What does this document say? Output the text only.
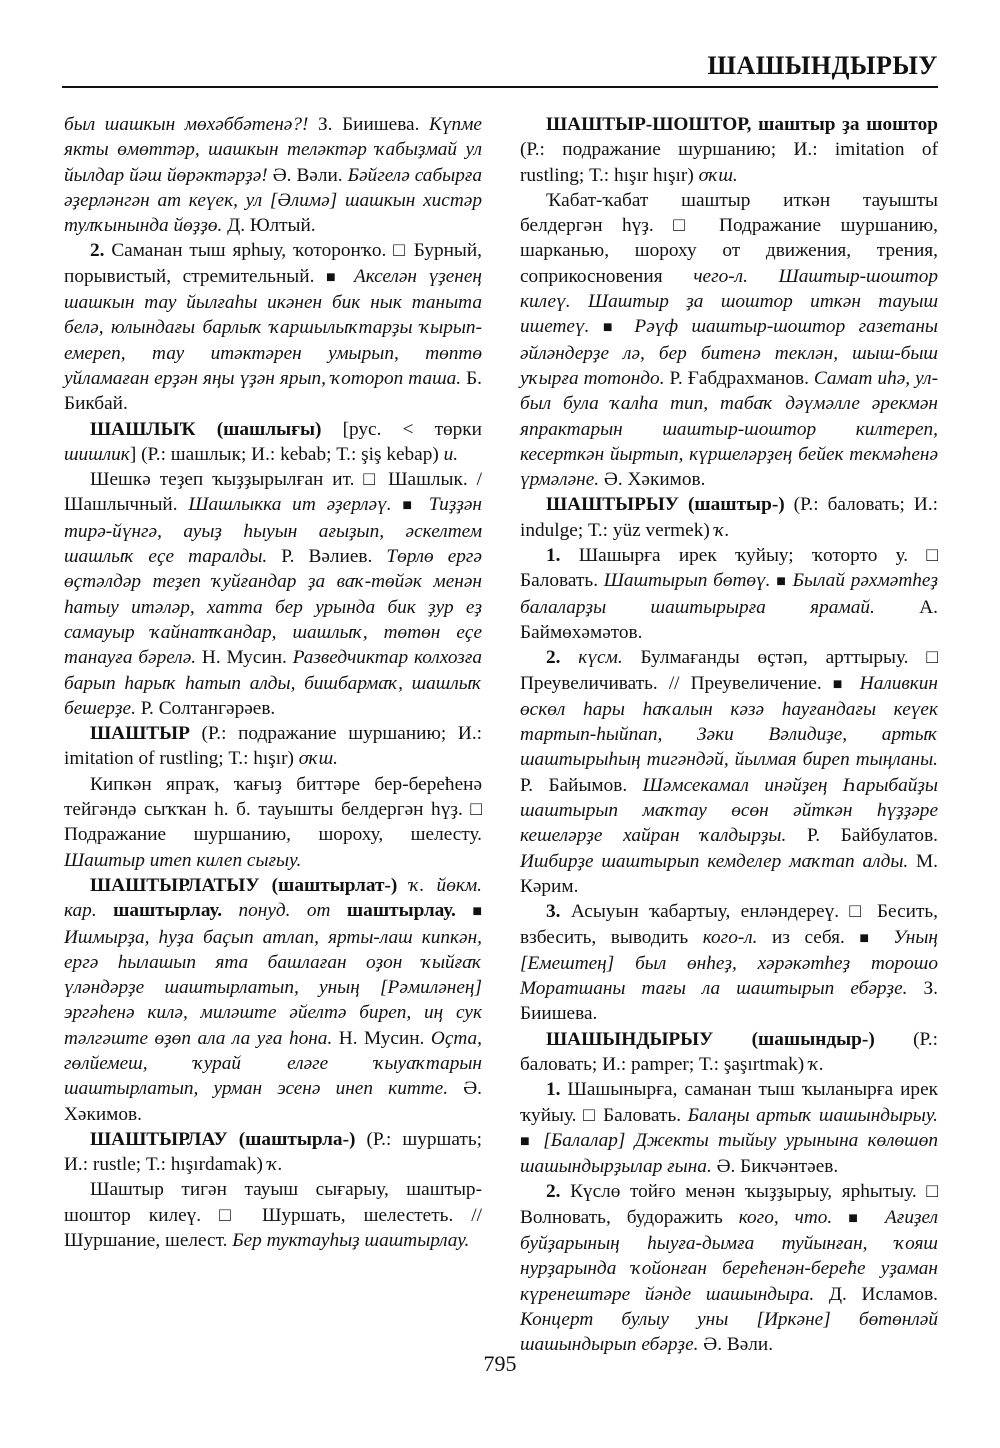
ШАШЫНДЫРЫУ

был шашкын мөхәббәтенә?! З. Биишева. Күпме якты өмөттәр, шашкын теләктәр ҡабыҙмай ул йылдар йәш йөрәктәрҙә! Ә. Вәли. Бәйгелә сабырға әҙерләнгән ат кеүек, ул [Әлимә] шашкын хистәр тулҡынында йөҙҙө. Д. Юлтый.

2. Саманан тыш ярһыу, ҡоторонҡо. □ Бурный, порывистый, стремительный. ■ Акселән үҙенең шашкын тау йылғаһы икәнен бик нык таныта белә, юлындағы барлыҡ ҡаршылыҡтарҙы ҡырып-емереп, тау итәктәрен умырып, төптө уйламаған ерҙән яңы үҙән ярып, ҡотороп таша. Б. Бикбай.

ШАШЛЫҠ (шашлығы) [рус. < төрки шишлик] (Р.: шашлык; И.: kebab; Т.: şiş kebap) и.

Шешкә теҙеп ҡыҙҙырылған ит. □ Шашлык. / Шашлычный. Шашлыкка ит әҙерләү. ■ Тиҙҙән тирә-йүнгә, ауыҙ һыуын ағыҙып, әскелтем шашлыҡ еҫе таралды. Р. Вәлиев. Төрлө ергә өҫтәлдәр теҙеп ҡуйғандар ҙа ваҡ-төйәк менән һатыу итәләр, хатта бер урында бик ҙур еҙ самауыр ҡайнатҡандар, шашлыҡ, төтөн еҫе танауға бәрелә. Н. Мусин. Разведчиктар колхозға барып һарыҡ һатып алды, бишбармаҡ, шашлыҡ бешерҙе. Р. Солтангәрәев.

ШАШТЫР (Р.: подражание шуршанию; И.: imitation of rustling; Т.: hışır) оҡш.

Кипкән япраҡ, ҡағыҙ биттәре бер-берећенә тейгәндә сыҡҡан һ. б. тауышты белдергән һүҙ. □ Подражание шуршанию, шороху, шелесту. Шаштыр итеп килеп сығыу.

ШАШТЫРЛАТЫУ (шаштырлат-) ҡ. йөкм. кар. шаштырлау. понуд. от шаштырлау. ■ Ишмырҙа, һуҙа баҫып атлап, ярты-лаш кипкән, ергә һылашып ята башлаған оҙон ҡыйғаҡ үләндәрҙе шаштырлатып, уның [Рәмиләнең] эргәһенә килә, миләште әйелтә биреп, иң сук тәлгәште өҙөп ала ла уға һона. Н. Мусин. Оҫта, гөлйемеш, ҡурай еләге ҡыуаҡтарын шаштырлатып, урман эсенә инеп китте. Ә. Хәкимов.

ШАШТЫРЛАУ (шаштырла-) (Р.: шуршать; И.: rustle; Т.: hışırdamak) ҡ.

Шаштыр тигән тауыш сығарыу, шаштыр-шоштор килеү. □ Шуршать, шелестеть. // Шуршание, шелест. Бер туктауһыҙ шаштырлау.

ШАШТЫР-ШОШТОР, шаштыр ҙа шоштор (Р.: подражание шуршанию; И.: imitation of rustling; Т.: hışır hışır) оҡш.

Ҡабат-ҡабат шаштыр иткән тауышты белдергән һүҙ. □ Подражание шуршанию, шарканью, шороху от движения, трения, соприкосновения чего-л. Шаштыр-шоштор килеү. Шаштыр ҙа шоштор иткән тауыш ишетеү. ■ Рәүф шаштыр-шоштор газетаны әйләндерҙе лә, бер битенә теклән, шыш-быш уҡырға тотондо. Р. Ғабдрахманов. Самат иһә, ул-был була ҡалһа тип, табаҡ дәүмәлле әрекмән япрактарын шаштыр-шоштор килтереп, кесерткән йыртып, күршеләрҙең бейек текмәһенә үрмәләне. Ә. Хәкимов.

ШАШТЫРЫУ (шаштыр-) (Р.: баловать; И.: indulge; Т.: yüz vermek) ҡ.

1. Шашырға ирек ҡуйыу; ҡоторто у. □ Баловать. Шаштырып бөтөү. ■ Былай рәхмәтһеҙ балаларҙы шаштырырға ярамай. А. Баймөхәмәтов.

2. күсм. Булмағанды өҫтәп, арттырыу. □ Преувеличивать. // Преувеличение. ■ Наливкин өскөл һары һаҡалын кәзә һауғандағы кеүек тартып-һыйпап, Зәки Вәлидиҙе, артыҡ шаштырыһың тигәндәй, йылмая биреп тыңланы. Р. Байымов. Шәмсекамал инәйҙең Һарыбайҙы шаштырып маҡтау өсөн әйткән һүҙҙәре кешеләрҙе хайран ҡалдырҙы. Р. Байбулатов. Ишбирҙе шаштырып кемделер маҡтап алды. М. Кәрим.

3. Асыуын ҡабартыу, енләндереү. □ Бесить, взбесить, выводить кого-л. из себя. ■ Уның [Емештең] был өнһеҙ, хәрәкәтһеҙ торошо Моратшаны тағы ла шаштырып ебәрҙе. З. Биишева.

ШАШЫНДЫРЫУ (шашындыр-) (Р.: баловать; И.: pamper; Т.: şaşırtmak) ҡ.

1. Шашынырға, саманан тыш ҡыланырға ирек ҡуйыу. □ Баловать. Балаңы артыҡ шашындырыу. ■ [Балалар] Джекты тыйыу урынына көлөшөп шашындырҙылар ғына. Ә. Бикчәнтәев.

2. Күслө тойғо менән ҡыҙҙырыу, ярһытыу. □ Волновать, будоражить кого, что. ■ Ағиҙел буйҙарының һыуға-дымға туйынған, ҡояш нурҙарында ҡойонған берећенән-береће уҙаман күренештәре йәнде шашындыра. Д. Исламов. Концерт булыу уны [Иркәне] бөтөнләй шашындырып ебәрҙе. Ә. Вәли.

795
